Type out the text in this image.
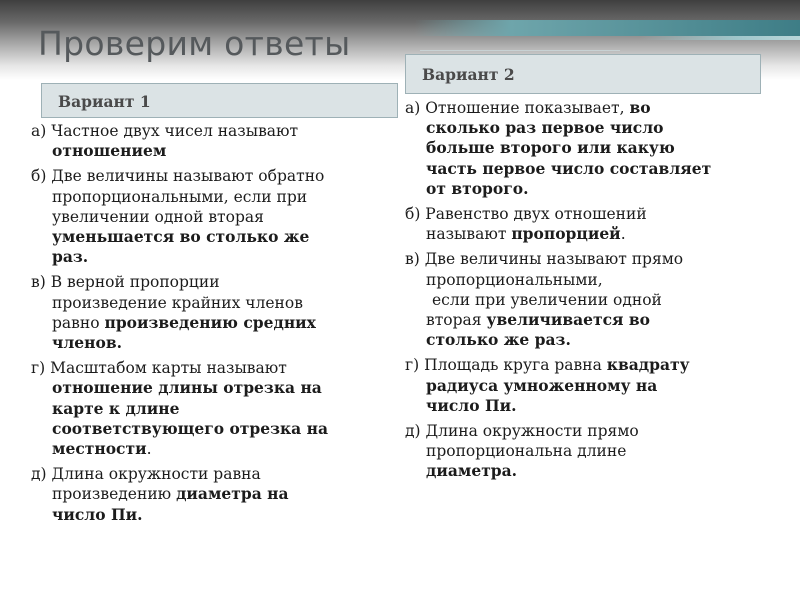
Проверим ответы
Вариант 1
а) Частное двух чисел называют
отношением
б) Две величины называют обратно
пропорциональными, если при
увеличении одной вторая
уменьшается во столько же
раз.
в) В верной пропорции
произведение крайних членов
равно произведению средних
членов.
г) Масштабом карты называют
отношение длины отрезка на
карте к длине
соответствующего отрезка на
местности.
д) Длина окружности равна
произведению диаметра на
число Пи.
Вариант 2
а) Отношение показывает, во
сколько раз первое число
больше второго или какую
часть первое число составляет
от второго.
б) Равенство двух отношений
называют пропорцией.
в) Две величины называют прямо
пропорциональными,
если при увеличении одной
вторая увеличивается во
столько же раз.
г) Площадь круга равна квадрату
радиуса умноженному на
число Пи.
д) Длина окружности прямо
пропорциональна длине
диаметра.
